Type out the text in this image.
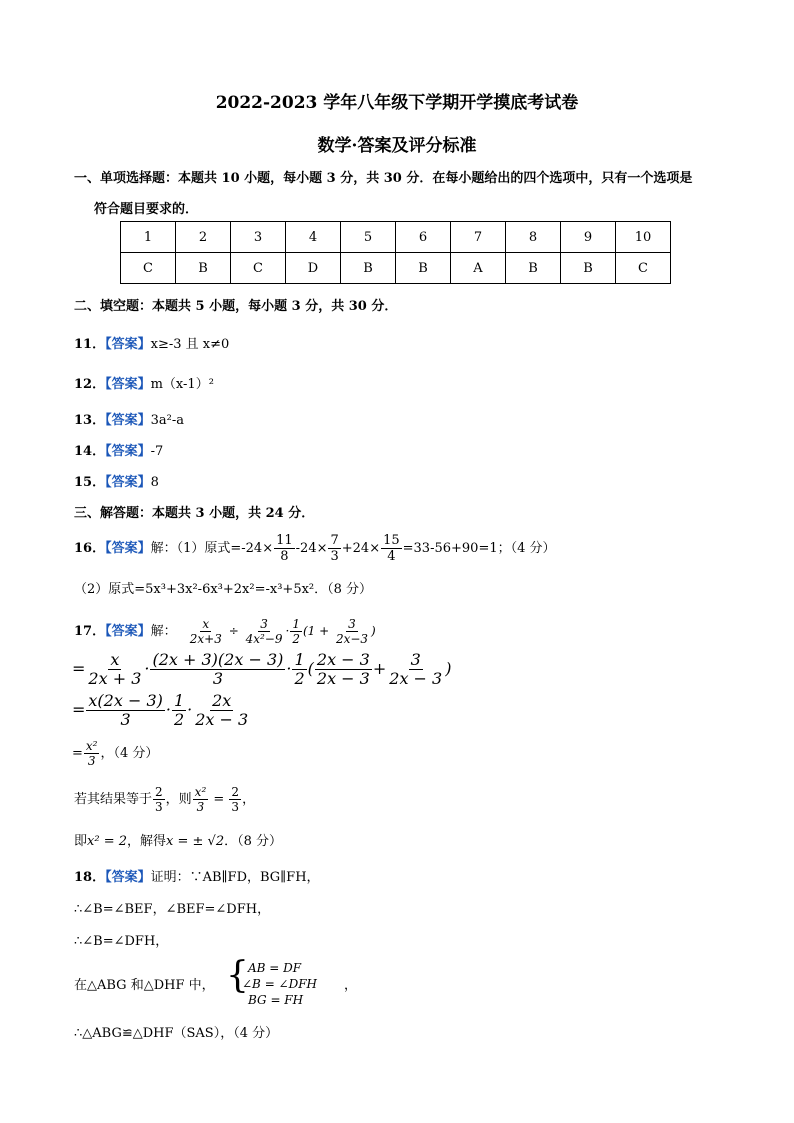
2022-2023 学年八年级下学期开学摸底考试卷
数学·答案及评分标准
一、单项选择题：本题共 10 小题，每小题 3 分，共 30 分．在每小题给出的四个选项中，只有一个选项是
符合题目要求的．
1	2	3	4	5	6	7	8	9	10
C	B	C	D	B	B	A	B	B	C
二、填空题：本题共 5 小题，每小题 3 分，共 30 分．
11．【答案】x≥-3 且 x≠0
12．【答案】m（x-1）²
13．【答案】3a²-a
14．【答案】-7
15．【答案】8
三、解答题：本题共 3 小题，共 24 分．
16．【答案】解：（1）原式$=-24\times \frac{11}{8} -24\times \frac{7}{3} +24\times \frac{15}{4} =33-56+90=1$；（4 分）
（2）原式=5x³+3x²-6x³+2x²=-x³+5x²．（8 分）
17．【答案】解： $\frac{x}{2x+3} \div \frac{3}{\text{4x²−9}} \cdot \frac{1}{2} (1 + \frac{3}{2x-3}$ )
= $\frac{x}{2x + 3} \cdot \frac{(2x + 3)(2x - 3)}{3} \cdot \frac{1}{2}$ ( $\frac{2x - 3}{2x - 3} + \frac{3}{2x - 3}$ )
= $\frac{x(2x - 3)}{3} \cdot \frac{1}{2} \cdot \frac{2x}{2x - 3}$
= $\frac{\text{x²}}{3}$ ，（4 分）
若其结果等于 $\frac{2}{3}$ ，则 $\frac{\text{x²}}{3} = \frac{2}{3}$ ，
即x² = 2，解得x = ± √2．（8 分）
18．【答案】证明：∵AB∥FD，BG∥FH，
∴∠B=∠BEF，∠BEF=∠DFH，
∴∠B=∠DFH，
在△ABG 和△DHF 中， { AB = DF
∠B = ∠DFH
BG = FH
，
∴△ABG≌△DHF（SAS），（4 分）
